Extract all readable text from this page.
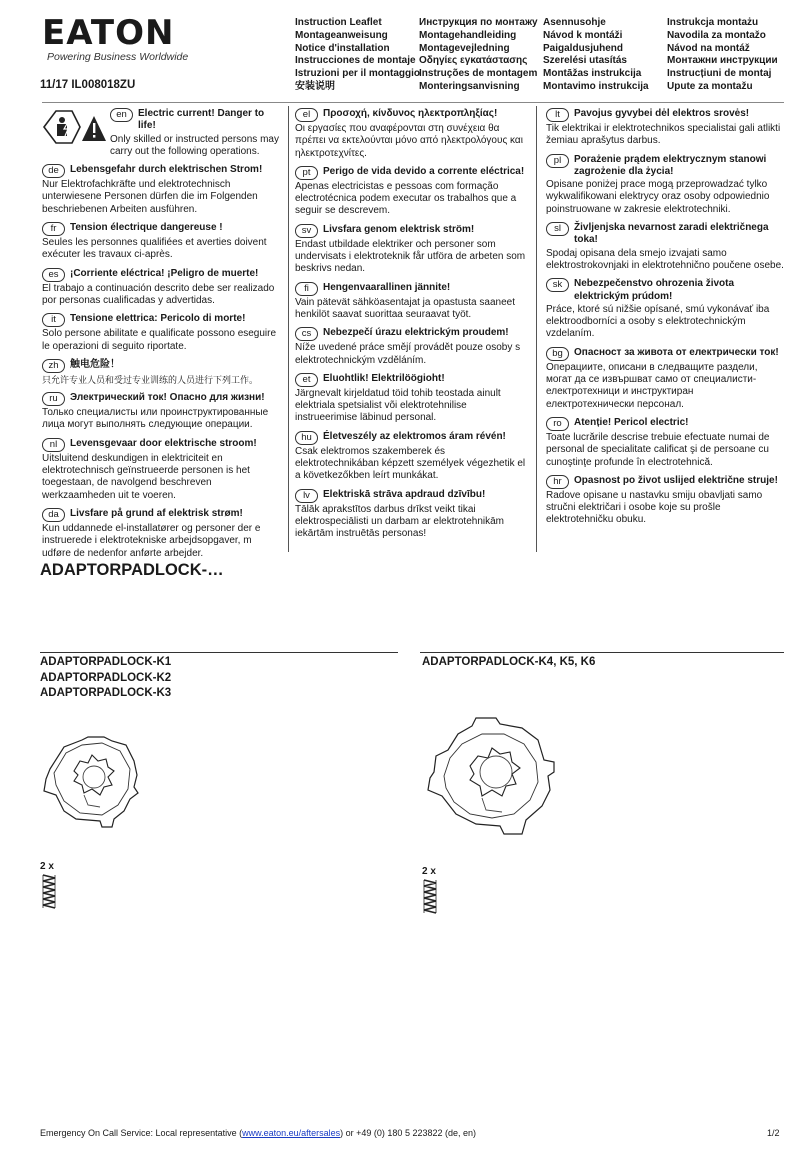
EATON
Powering Business Worldwide
11/17 IL008018ZU
Instruction Leaflet
Montageanweisung
Notice d'installation
Instrucciones de montaje
Istruzioni per il montaggio
安装说明
Инструкция по монтажу
Montagehandleiding
Montagevejledning
Οδηγίες εγκατάστασης
Instruções de montagem
Monteringsanvisning
Asennusohje
Návod k montáži
Paigaldusjuhend
Szerelési utasítás
Montāžas instrukcija
Montavimo instrukcija
Instrukcja montażu
Navodila za montažo
Návod na montáž
Монтажни инструкции
Instrucțiuni de montaj
Upute za montažu
en	Electric current! Danger to life!
Only skilled or instructed persons may carry out the following operations.
de	Lebensgefahr durch elektrischen Strom!
Nur Elektrofachkräfte und elektrotechnisch unterwiesene Personen dürfen die im Folgenden beschriebenen Arbeiten ausführen.
fr	Tension électrique dangereuse !
Seules les personnes qualifiées et averties doivent exécuter les travaux ci-après.
es	¡Corriente eléctrica! ¡Peligro de muerte!
El trabajo a continuación descrito debe ser realizado por personas cualificadas y advertidas.
it	Tensione elettrica: Pericolo di morte!
Solo persone abilitate e qualificate possono eseguire le operazioni di seguito riportate.
zh	触电危险！
只允许专业人员和受过专业训练的人员进行下列工作。
ru	Электрический ток! Опасно для жизни!
Только специалисты или проинструктированные лица могут выполнять следующие операции.
nl	Levensgevaar door elektrische stroom!
Uitsluitend deskundigen in elektriciteit en elektrotechnisch geïnstrueerde personen is het toegestaan, de navolgend beschreven werkzaamheden uit te voeren.
da	Livsfare på grund af elektrisk strøm!
Kun uddannede el-installatører og personer der e instruerede i elektrotekniske arbejdsopgaver, m udføre de nedenfor anførte arbejder.
el	Προσοχή, κίνδυνος ηλεκτροπληξίας!
Οι εργασίες που αναφέρονται στη συνέχεια θα πρέπει να εκτελούνται μόνο από ηλεκτρολόγους και ηλεκτροτεχνίτες.
pt	Perigo de vida devido a corrente eléctrica!
Apenas electricistas e pessoas com formação electrotécnica podem executar os trabalhos que a seguir se descrevem.
sv	Livsfara genom elektrisk ström!
Endast utbildade elektriker och personer som undervisats i elektroteknik får utföra de arbeten som beskrivs nedan.
fi	Hengenvaarallinen jännite!
Vain pätevät sähköasentajat ja opastusta saaneet henkilöt saavat suorittaa seuraavat työt.
cs	Nebezpečí úrazu elektrickým proudem!
Níže uvedené práce smějí provádět pouze osoby s elektrotechnickým vzděláním.
et	Eluohtlik! Elektrilöögioht!
Järgnevalt kirjeldatud töid tohib teostada ainult elektriala spetsialist või elektrotehnilise instrueerimise läbinud personal.
hu	Életveszély az elektromos áram révén!
Csak elektromos szakemberek és elektrotechnikában képzett személyek végezhetik el a következőkben leírt munkákat.
lv	Elektriskā strāva apdraud dzīvību!
Tālāk aprakstītos darbus drīkst veikt tikai elektrospeciālisti un darbam ar elektrotehnikām iekārtām instruētās personas!
lt	Pavojus gyvybei dėl elektros srovės!
Tik elektrikai ir elektrotechnikos specialistai gali atlikti žemiau aprašytus darbus.
pl	Porażenie prądem elektrycznym stanowi zagrożenie dla życia!
Opisane poniżej prace mogą przeprowadzać tylko wykwalifikowani elektrycy oraz osoby odpowiednio poinstruowane w zakresie elektrotechniki.
sl	Življenjska nevarnost zaradi električnega toka!
Spodaj opisana dela smejo izvajati samo elektrostrokovnjaki in elektrotehnično poučene osebe.
sk	Nebezpečenstvo ohrozenia života elektrickým prúdom!
Práce, ktoré sú nižšie opísané, smú vykonávať iba elektroodborníci a osoby s elektrotechnickým vzdelaním.
bg	Опасност за живота от електрически ток!
Операциите, описани в следващите раздели, могат да се извършват само от специалисти-електротехници и инструктиран електротехнически персонал.
ro	Atenție! Pericol electric!
Toate lucrările descrise trebuie efectuate numai de personal de specialitate calificat şi de persoane cu cunoştinţe profunde în electrotehnică.
hr	Opasnost po život uslijed električne struje!
Radove opisane u nastavku smiju obavljati samo stručni električari i osobe koje su prošle elektrotehničku obuku.
ADAPTORPADLOCK-…
ADAPTORPADLOCK-K1
ADAPTORPADLOCK-K2
ADAPTORPADLOCK-K3
2 x
ADAPTORPADLOCK-K4, K5, K6
2 x
Emergency On Call Service: Local representative (www.eaton.eu/aftersales) or +49 (0) 180 5 223822 (de, en)	1/2
